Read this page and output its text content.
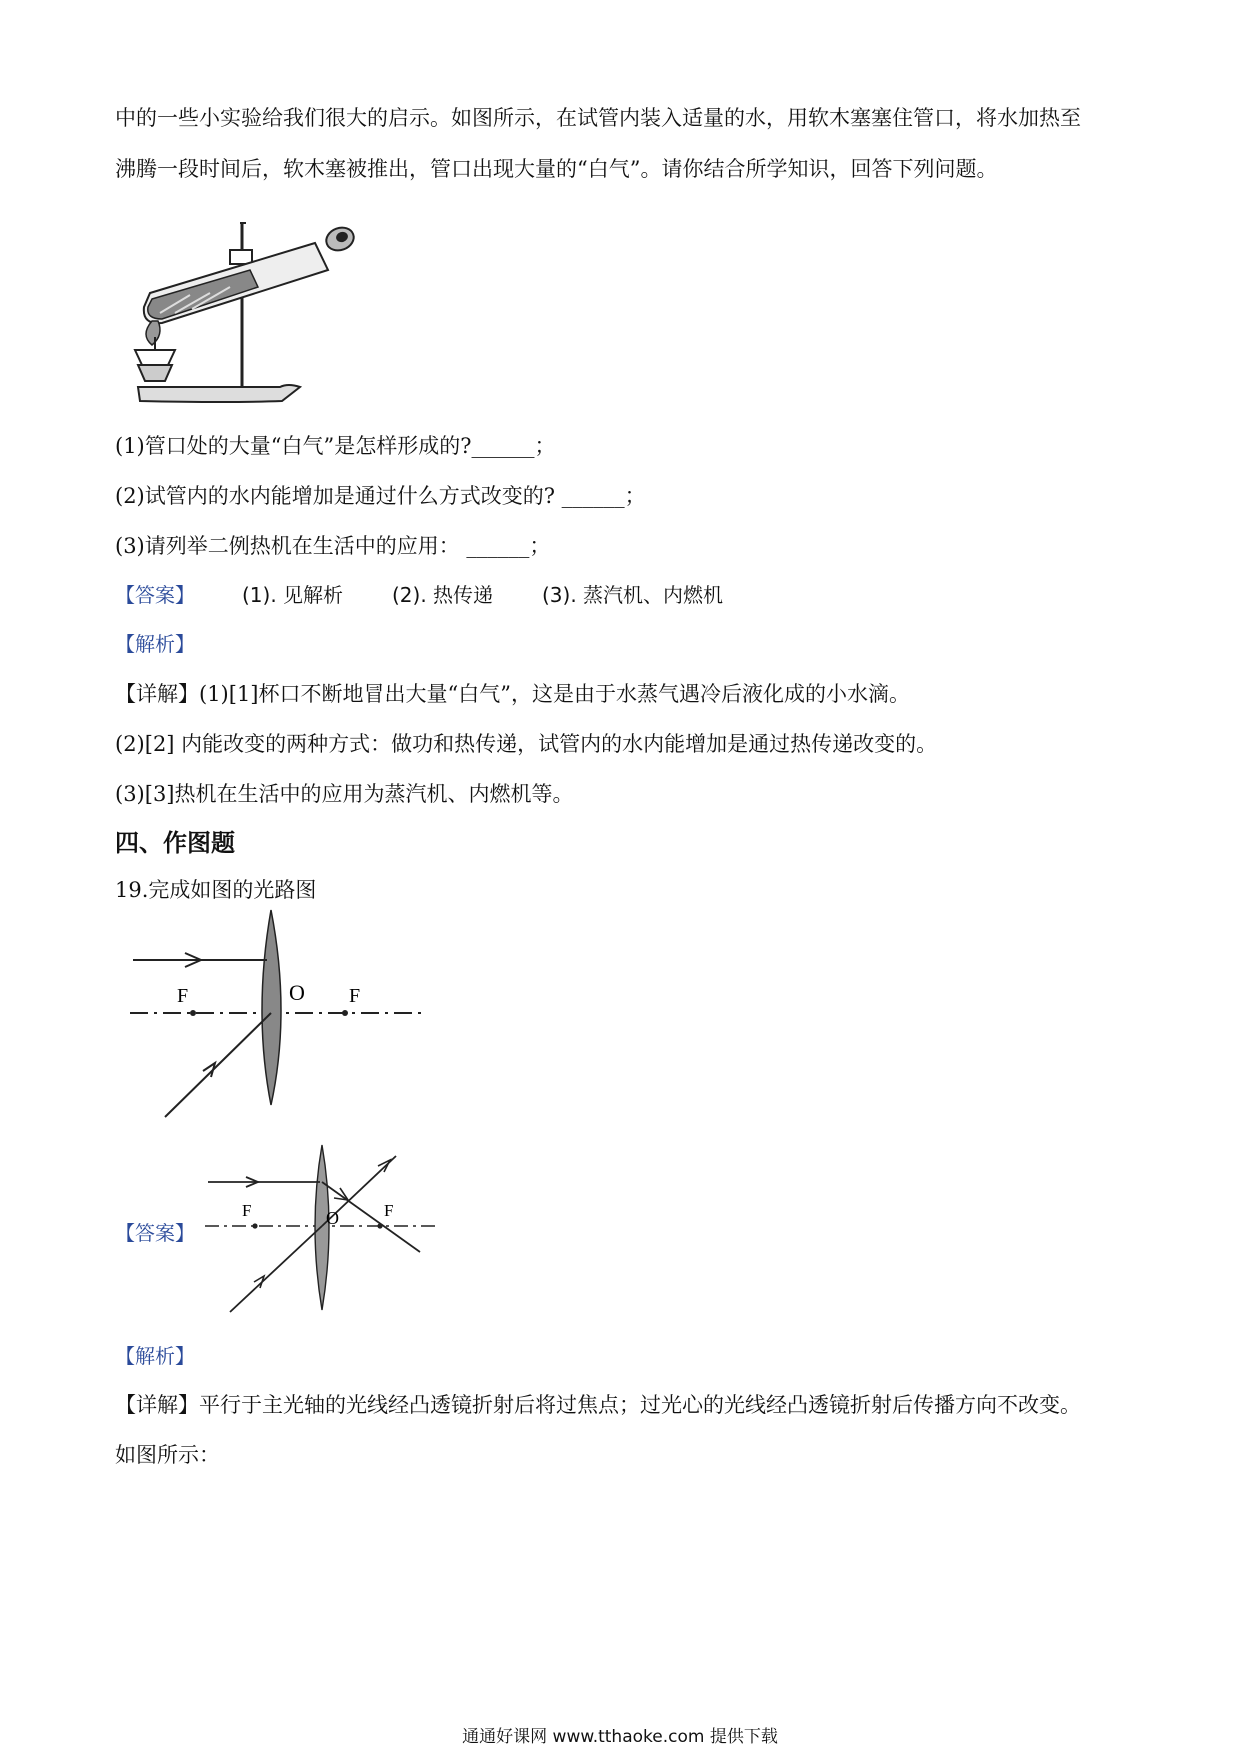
中的一些小实验给我们很大的启示。如图所示，在试管内装入适量的水，用软木塞塞住管口，将水加热至
沸腾一段时间后，软木塞被推出，管口出现大量的“白气”。请你结合所学知识，回答下列问题。
(1)管口处的大量“白气”是怎样形成的?______；
(2)试管内的水内能增加是通过什么方式改变的? ______；
(3)请列举二例热机在生活中的应用： ______；
【答案】 (1). 见解析 (2). 热传递 (3). 蒸汽机、内燃机
【解析】
【详解】(1)[1]杯口不断地冒出大量“白气”，这是由于水蒸气遇冷后液化成的小水滴。
(2)[2] 内能改变的两种方式：做功和热传递，试管内的水内能增加是通过热传递改变的。
(3)[3]热机在生活中的应用为蒸汽机、内燃机等。
四、作图题
19.完成如图的光路图
F	F
O
【答案】
F	F
O
【解析】
【详解】平行于主光轴的光线经凸透镜折射后将过焦点；过光心的光线经凸透镜折射后传播方向不改变。
如图所示：
通通好课网 www.tthaoke.com 提供下载
